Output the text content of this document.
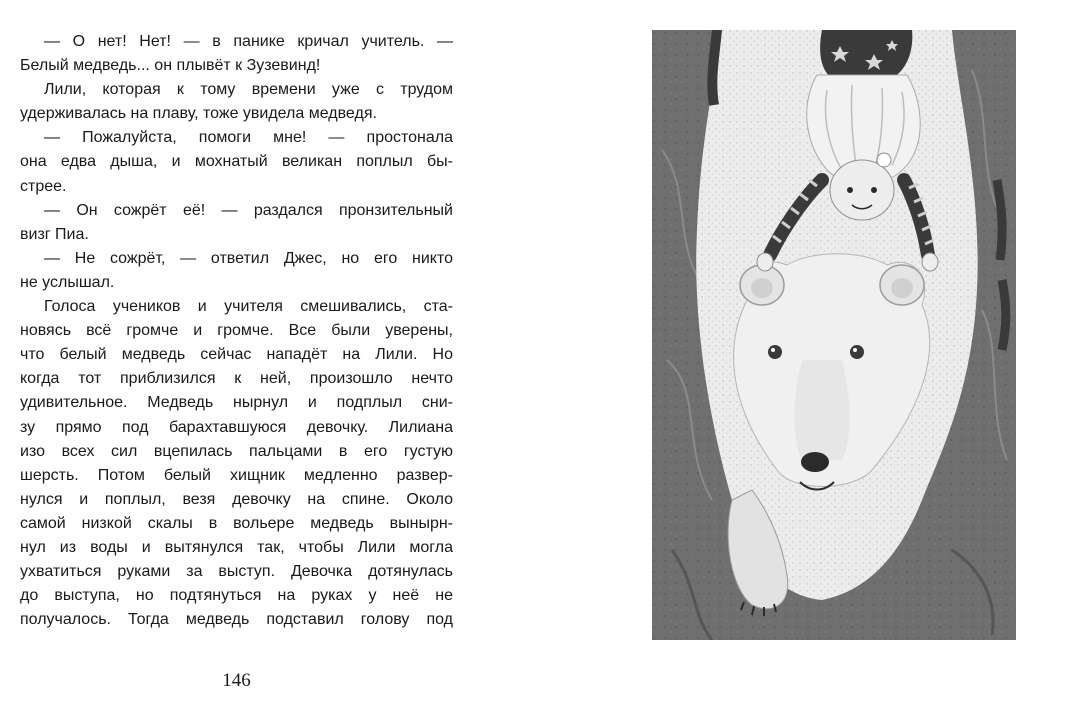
— О нет! Нет! — в панике кричал учитель. —
Белый медведь... он плывёт к Зузевинд!
Лили, которая к тому времени уже с трудом
удерживалась на плаву, тоже увидела медведя.
— Пожалуйста, помоги мне! — простонала
она едва дыша, и мохнатый великан поплыл бы-
стрее.
— Он сожрёт её! — раздался пронзительный
визг Пиа.
— Не сожрёт, — ответил Джес, но его никто
не услышал.
Голоса учеников и учителя смешивались, ста-
новясь всё громче и громче. Все были уверены,
что белый медведь сейчас нападёт на Лили. Но
когда тот приблизился к ней, произошло нечто
удивительное. Медведь нырнул и подплыл сни-
зу прямо под барахтавшуюся девочку. Лилиана
изо всех сил вцепилась пальцами в его густую
шерсть. Потом белый хищник медленно развер-
нулся и поплыл, везя девочку на спине. Около
самой низкой скалы в вольере медведь вынырн-
нул из воды и вытянулся так, чтобы Лили могла
ухватиться руками за выступ. Девочка дотянулась
до выступа, но подтянуться на руках у неё не
получалось. Тогда медведь подставил голову под
146
